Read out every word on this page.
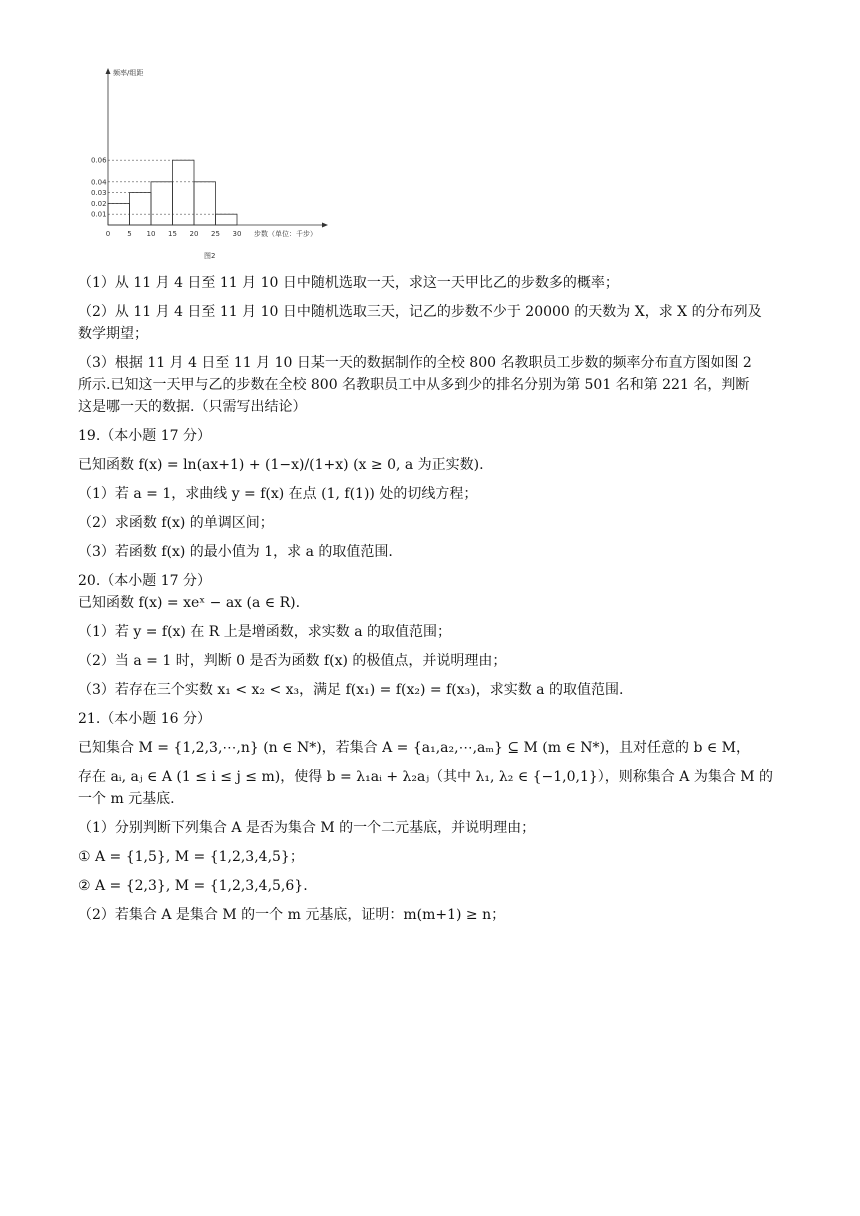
频率/组距
0.06
0.04
0.03
0.02
0.01
0 5 10 15 20 25 30 步数（单位：千步）
图2

（1）从 11 月 4 日至 11 月 10 日中随机选取一天，求这一天甲比乙的步数多的概率；

（2）从 11 月 4 日至 11 月 10 日中随机选取三天，记乙的步数不少于 20000 的天数为 X，求 X 的分布列及

数学期望；

（3）根据 11 月 4 日至 11 月 10 日某一天的数据制作的全校 800 名教职员工步数的频率分布直方图如图 2

所示.已知这一天甲与乙的步数在全校 800 名教职员工中从多到少的排名分别为第 501 名和第 221 名，判断

这是哪一天的数据.（只需写出结论）

19.（本小题 17 分）

已知函数 f(x) = ln(ax+1) + (1−x)/(1+x) (x ≥ 0, a 为正实数).

（1）若 a = 1，求曲线 y = f(x) 在点 (1, f(1)) 处的切线方程；

（2）求函数 f(x) 的单调区间；

（3）若函数 f(x) 的最小值为 1，求 a 的取值范围.

20.（本小题 17 分）

已知函数 f(x) = xeˣ − ax (a ∈ R).

（1）若 y = f(x) 在 R 上是增函数，求实数 a 的取值范围；

（2）当 a = 1 时，判断 0 是否为函数 f(x) 的极值点，并说明理由；

（3）若存在三个实数 x₁ < x₂ < x₃，满足 f(x₁) = f(x₂) = f(x₃)，求实数 a 的取值范围.

21.（本小题 16 分）

已知集合 M = {1,2,3,⋯,n} (n ∈ N*)，若集合 A = {a₁,a₂,⋯,aₘ} ⊆ M (m ∈ N*)，且对任意的 b ∈ M，

存在 aᵢ, aⱼ ∈ A (1 ≤ i ≤ j ≤ m)，使得 b = λ₁aᵢ + λ₂aⱼ（其中 λ₁, λ₂ ∈ {−1,0,1}），则称集合 A 为集合 M 的

一个 m 元基底.

（1）分别判断下列集合 A 是否为集合 M 的一个二元基底，并说明理由；

① A = {1,5}, M = {1,2,3,4,5}；

② A = {2,3}, M = {1,2,3,4,5,6}.

（2）若集合 A 是集合 M 的一个 m 元基底，证明：m(m+1) ≥ n；
